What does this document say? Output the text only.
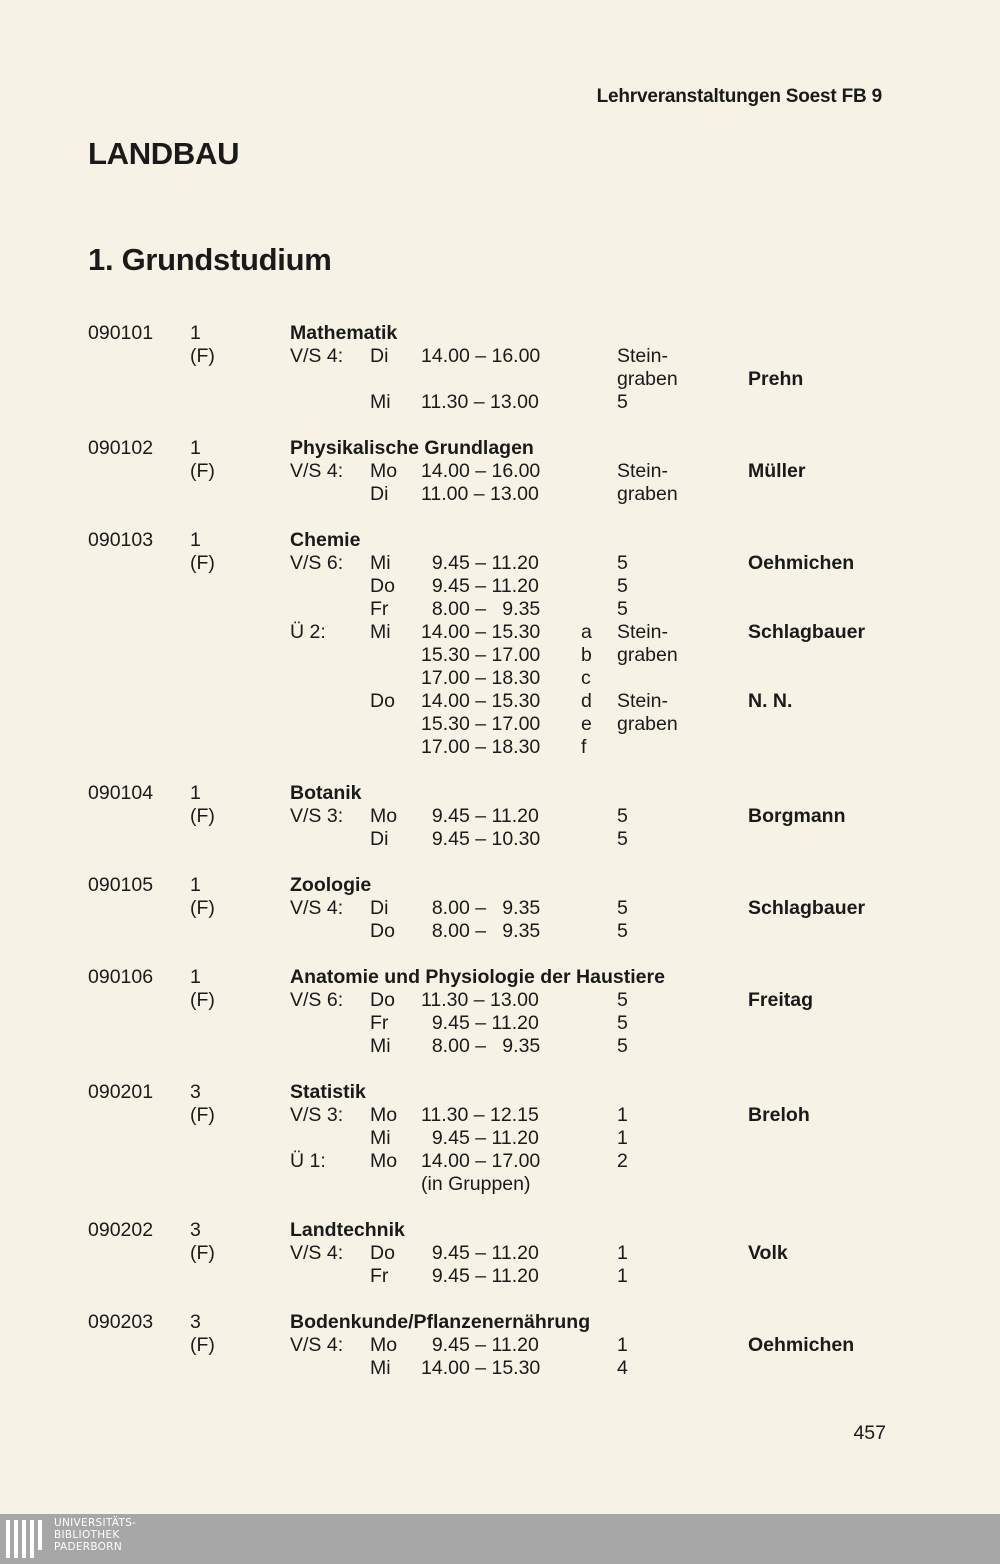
Lehrveranstaltungen Soest FB 9
LANDBAU
1. Grundstudium
090101 1	Mathematik
(F)	V/S 4: Di 14.00 – 16.00	Stein-
graben	Prehn
Mi 11.30 – 13.00	5
090102 1	Physikalische Grundlagen
(F)	V/S 4: Mo 14.00 – 16.00	Stein-	Müller
Di 11.00 – 13.00	graben
090103 1	Chemie
(F)	V/S 6: Mi 9.45 – 11.20	5	Oehmichen
Do 9.45 – 11.20	5
Fr 8.00 –   9.35	5
Ü 2: Mi 14.00 – 15.30 a Stein-	Schlagbauer
15.30 – 17.00 b graben
17.00 – 18.30 c
Do 14.00 – 15.30 d Stein-	N. N.
15.30 – 17.00 e graben
17.00 – 18.30 f
090104 1	Botanik
(F)	V/S 3: Mo 9.45 – 11.20	5	Borgmann
Di 9.45 – 10.30	5
090105 1	Zoologie
(F)	V/S 4: Di 8.00 –   9.35	5	Schlagbauer
Do 8.00 –   9.35	5
090106 1	Anatomie und Physiologie der Haustiere
(F)	V/S 6: Do 11.30 – 13.00	5	Freitag
Fr 9.45 – 11.20	5
Mi 8.00 –   9.35	5
090201 3	Statistik
(F)	V/S 3: Mo 11.30 – 12.15	1	Breloh
Mi 9.45 – 11.20	1
Ü 1: Mo 14.00 – 17.00	2
(in Gruppen)
090202 3	Landtechnik
(F)	V/S 4: Do 9.45 – 11.20	1	Volk
Fr 9.45 – 11.20	1
090203 3	Bodenkunde/Pflanzenernährung
(F)	V/S 4: Mo 9.45 – 11.20	1	Oehmichen
Mi 14.00 – 15.30	4
457
UNIVERSITÄTS-
BIBLIOTHEK
PADERBORN
